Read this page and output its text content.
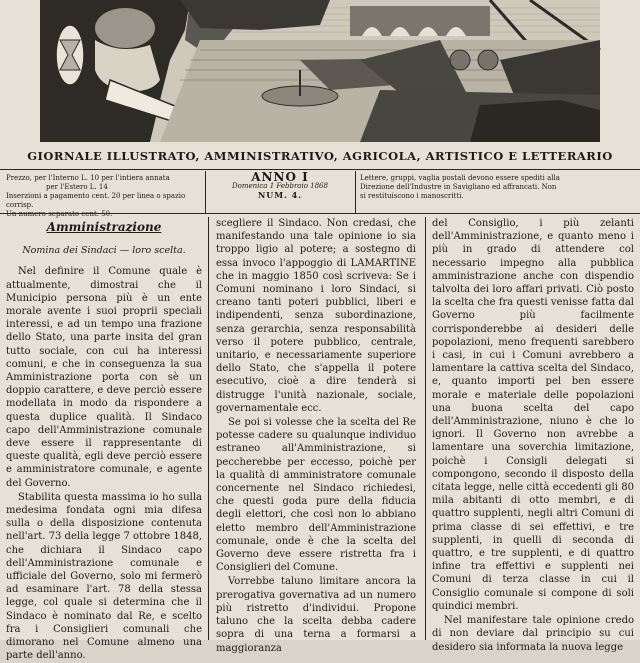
GIORNALE ILLUSTRATO, AMMINISTRATIVO, AGRICOLA, ARTISTICO E LETTERARIO
Prezzo, per l'Interno L. 10 per l'intiera annata
per l'Estero L. 14
Inserzioni a pagamento cent. 20 per linea o spazio corrisp.
Un numero separato cent. 50.
ANNO I
Domenica 1 Febbraio 1868
NUM. 4.
Lettere, gruppi, vaglia postali devono essere spediti alla
Direzione dell'Industre in Savigliano ed affrancati. Non
si restituiscono i manoscritti.
Amministrazione
Nomina dei Sindaci — loro scelta.

Nel definire il Comune quale è attualmente, dimostrai che il Municipio persona più è un ente morale avente i suoi proprii speciali interessi, e ad un tempo una frazione dello Stato, una parte insita del gran tutto sociale, con cui ha interessi comuni, e che in conseguenza la sua Amministrazione porta con sè un doppio carattere, e deve perciò essere modellata in modo da rispondere a questa duplice qualità. Il Sindaco capo dell'Amministrazione comunale deve essere il rappresentante di queste qualità, egli deve perciò essere e amministratore comunale, e agente del Governo.

Stabilita questa massima io ho sulla medesima fondata ogni mia difesa sulla o della disposizione contenuta nell'art. 73 della legge 7 ottobre 1848, che dichiara il Sindaco capo dell'Amministrazione comunale e ufficiale del Governo, solo mi fermerò ad esaminare l'art. 78 della stessa legge, col quale si determina che il Sindaco è nominato dal Re, e scelto fra i Consiglieri comunali che dimorano nel Comune almeno una parte dell'anno.

scegliere il Sindaco. Non credasi, che manifestando una tale opinione io sia troppo ligio al potere; a sostegno di essa invoco l'appoggio di LAMARTINE che in maggio 1850 così scriveva: Se i Comuni nominano i loro Sindaci, si creano tanti poteri pubblici, liberi e indipendenti, senza subordinazione, senza gerarchia, senza responsabilità verso il potere pubblico, centrale, unitario, e necessariamente superiore dello Stato, che s'appella il potere esecutivo, cioè a dire tenderà si distrugge l'unità nazionale, sociale, governamentale ecc.

Se poi si volesse che la scelta del Re potesse cadere su qualunque individuo estraneo all'Amministrazione, si peccherebbe per eccesso, poichè per la qualità di amministratore comunale concernente nel Sindaco richiedesi, che questi goda pure della fiducia degli elettori, che così non lo abbiano eletto membro dell'Amministrazione comunale, onde è che la scelta del Governo deve essere ristretta fra i Consiglieri del Comune.

Vorrebbe taluno limitare ancora la prerogativa governativa ad un numero più ristretto d'individui. Propone taluno che la scelta debba cadere sopra di una terna a formarsi a maggioranza

del Consiglio, i più zelanti dell'Amministrazione, e quanto meno i più in grado di attendere col necessario impegno alla pubblica amministrazione anche con dispendio talvolta dei loro affari privati. Ciò posto la scelta che fra questi venisse fatta dal Governo più facilmente corrisponderebbe ai desideri delle popolazioni, meno frequenti sarebbero i casi, in cui i Comuni avrebbero a lamentare la cattiva scelta del Sindaco, e, quanto importi pel ben essere morale e materiale delle popolazioni una buona scelta del capo dell'Amministrazione, niuno è che lo ignori. Il Governo non avrebbe a lamentare una soverchia limitazione, poichè i Consigli delegati si compongono, secondo il disposto della citata legge, nelle città eccedenti gli 80 mila abitanti di otto membri, e di quattro supplenti, negli altri Comuni di prima classe di sei effettivi, e tre supplenti, in quelli di seconda di quattro, e tre supplenti, e di quattro infine tra effettivi e supplenti nei Comuni di terza classe in cui il Consiglio comunale si compone di soli quindici membri.

Nel manifestare tale opinione credo di non deviare dal principio su cui desidero sia informata la nuova legge
